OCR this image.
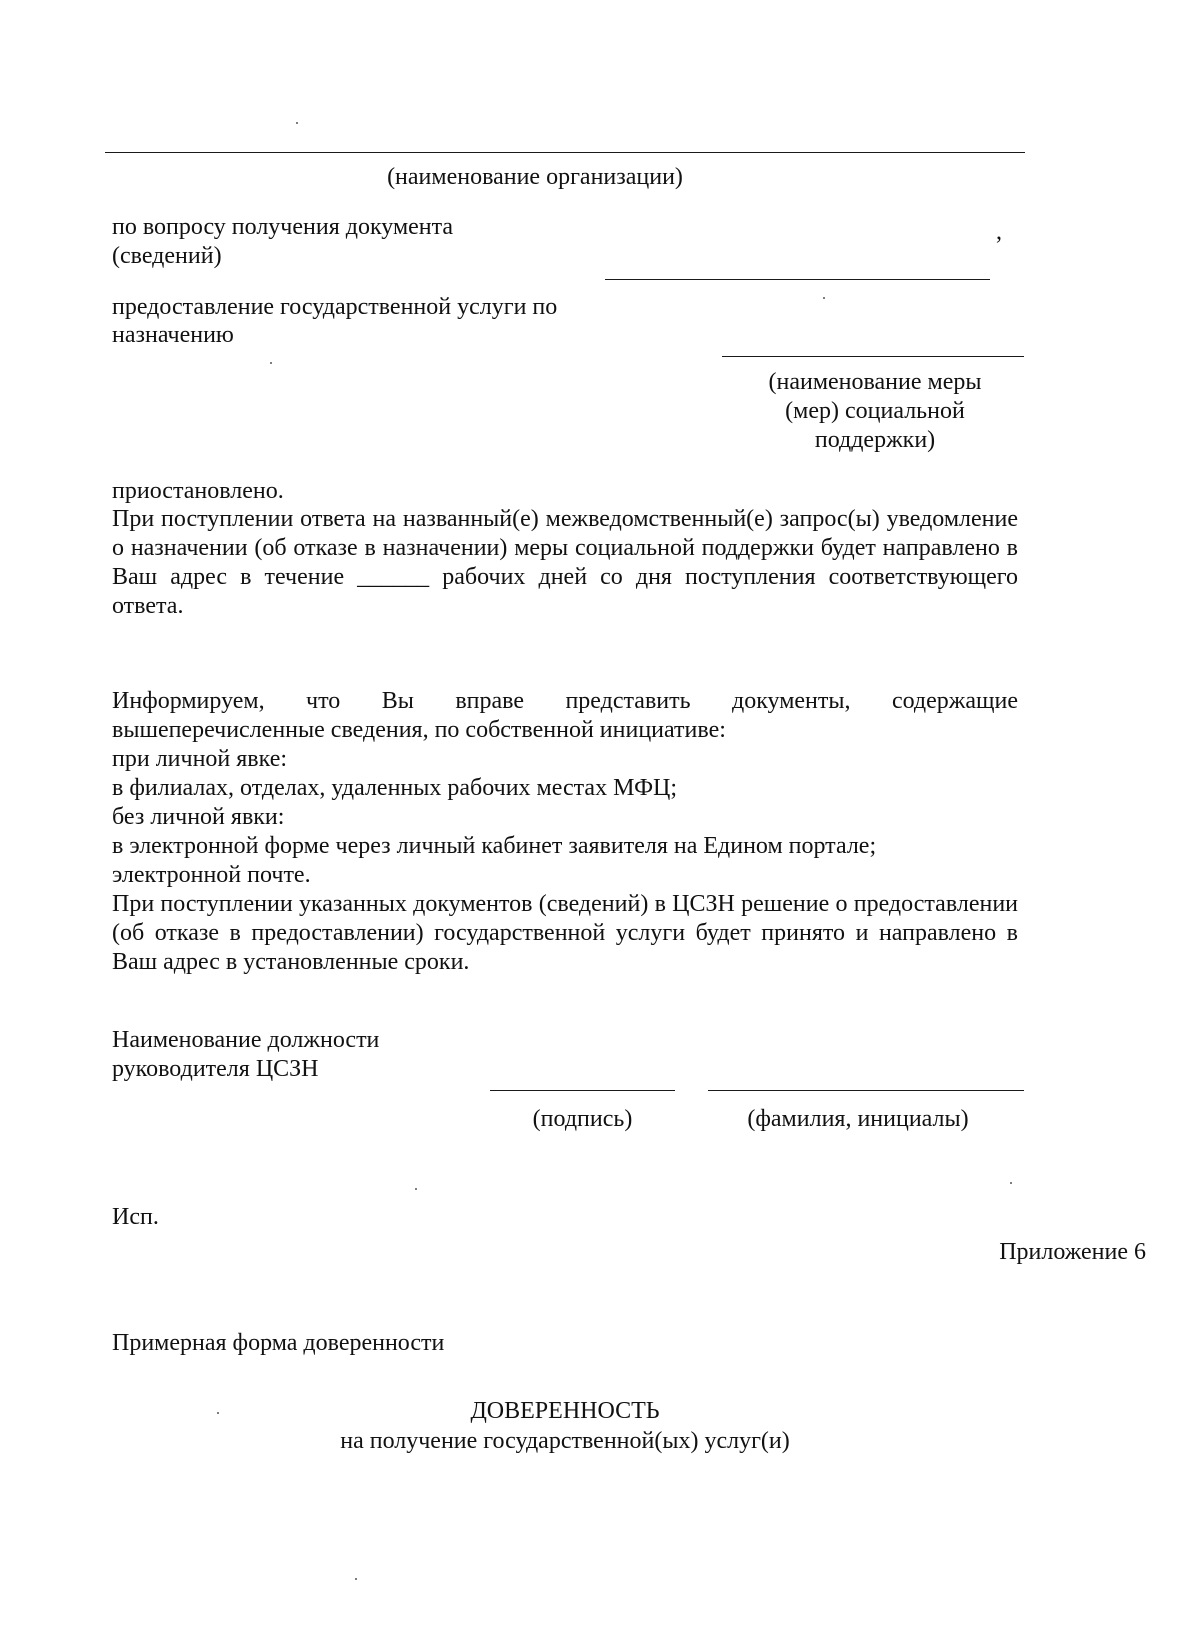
(наименование организации)
по вопросу получения документа
(сведений)
,
предоставление государственной услуги по
назначению
(наименование меры
(мер) социальной
поддержки)
приостановлено.
При поступлении ответа на названный(е) межведомственный(е) запрос(ы) уведомление о назначении (об отказе в назначении) меры социальной поддержки будет направлено в Ваш адрес в течение ______ рабочих дней со дня поступления соответствующего ответа.
Информируем, что Вы вправе представить документы, содержащие вышеперечисленные сведения, по собственной инициативе:
при личной явке:
в филиалах, отделах, удаленных рабочих местах МФЦ;
без личной явки:
в электронной форме через личный кабинет заявителя на Едином портале;
электронной почте.
При поступлении указанных документов (сведений) в ЦСЗН решение о предоставлении (об отказе в предоставлении) государственной услуги будет принято и направлено в Ваш адрес в установленные сроки.
Наименование должности
руководителя ЦСЗН
(подпись)	(фамилия, инициалы)
Исп.
Приложение 6
Примерная форма доверенности
ДОВЕРЕННОСТЬ
на получение государственной(ых) услуг(и)
